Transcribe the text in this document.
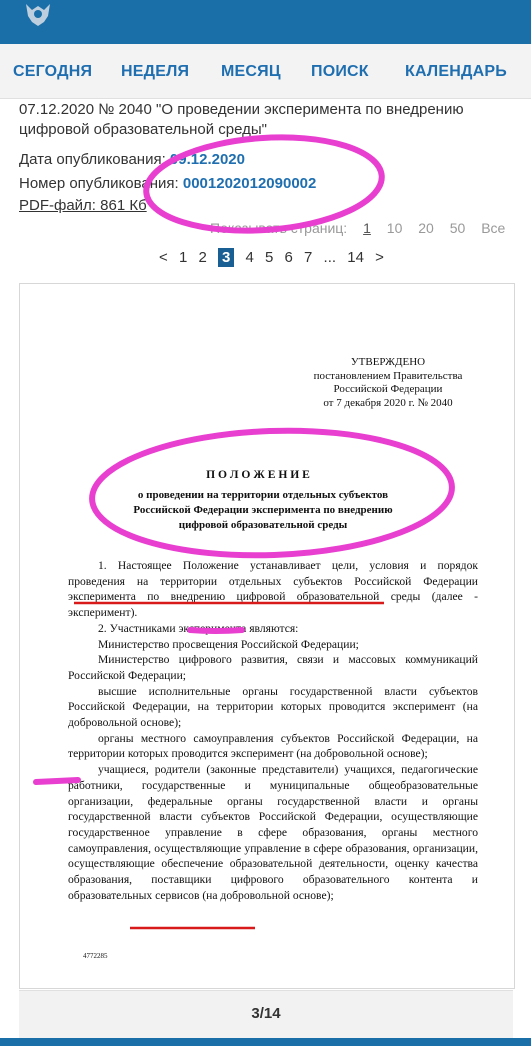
СЕГОДНЯ НЕДЕЛЯ МЕСЯЦ ПОИСК КАЛЕНДАРЬ
07.12.2020 № 2040 "О проведении эксперимента по внедрению
цифровой образовательной среды"
Дата опубликования: 09.12.2020
Номер опубликования: 0001202012090002
PDF-файл: 861 Кб
Показывать страниц: 1 10 20 50 Все
< 1 2 3 4 5 6 7 ... 14 >
УТВЕРЖДЕНО
постановлением Правительства
Российской Федерации
от 7 декабря 2020 г. № 2040
П О Л О Ж Е Н И Е
о проведении на территории отдельных субъектов
Российской Федерации эксперимента по внедрению
цифровой образовательной среды

1. Настоящее Положение устанавливает цели, условия и порядок проведения на территории отдельных субъектов Российской Федерации эксперимента по внедрению цифровой образовательной среды (далее - эксперимент).

2. Участниками эксперимента являются:

Министерство просвещения Российской Федерации;

Министерство цифрового развития, связи и массовых коммуникаций Российской Федерации;

высшие исполнительные органы государственной власти субъектов Российской Федерации, на территории которых проводится эксперимент (на добровольной основе);

органы местного самоуправления субъектов Российской Федерации, на территории которых проводится эксперимент (на добровольной основе);

учащиеся, родители (законные представители) учащихся, педагогические работники, государственные и муниципальные общеобразовательные организации, федеральные органы государственной власти и органы государственной власти субъектов Российской Федерации, осуществляющие государственное управление в сфере образования, органы местного самоуправления, осуществляющие управление в сфере образования, организации, осуществляющие обеспечение образовательной деятельности, оценку качества образования, поставщики цифрового образовательного контента и образовательных сервисов (на добровольной основе);

4772285
3/14
